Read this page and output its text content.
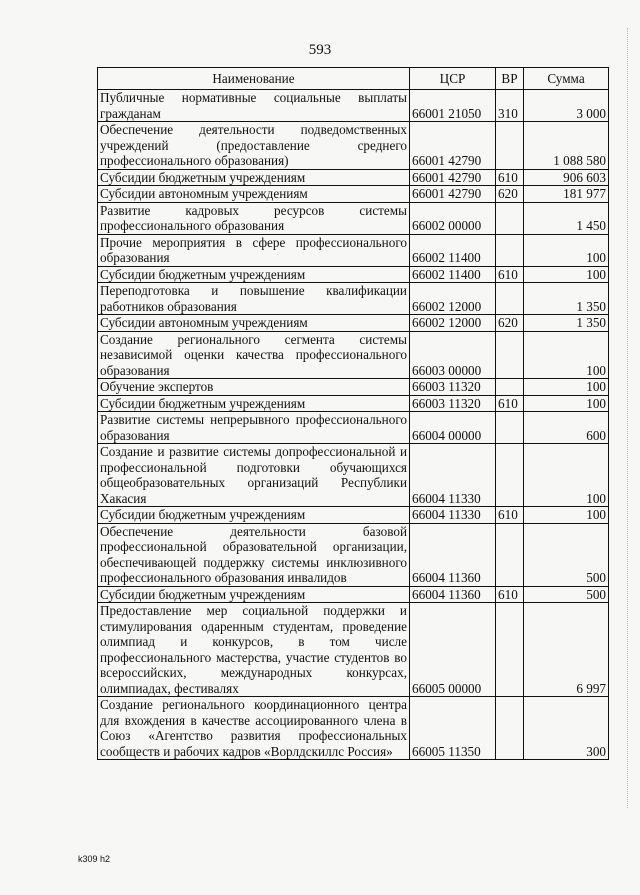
593
Наименование	ЦСР	ВР	Сумма
Публичные нормативные социальные выплаты гражданам	66001 21050	310	3 000
Обеспечение деятельности подведомственных учреждений (предоставление среднего профессионального образования)	66001 42790		1 088 580
Субсидии бюджетным учреждениям	66001 42790	610	906 603
Субсидии автономным учреждениям	66001 42790	620	181 977
Развитие кадровых ресурсов системы профессионального образования	66002 00000		1 450
Прочие мероприятия в сфере профессионального образования	66002 11400		100
Субсидии бюджетным учреждениям	66002 11400	610	100
Переподготовка и повышение квалификации работников образования	66002 12000		1 350
Субсидии автономным учреждениям	66002 12000	620	1 350
Создание регионального сегмента системы независимой оценки качества профессионального образования	66003 00000		100
Обучение экспертов	66003 11320		100
Субсидии бюджетным учреждениям	66003 11320	610	100
Развитие системы непрерывного профессионального образования	66004 00000		600
Создание и развитие системы допрофессиональной и профессиональной подготовки обучающихся общеобразовательных организаций Республики Хакасия	66004 11330		100
Субсидии бюджетным учреждениям	66004 11330	610	100
Обеспечение деятельности базовой профессиональной образовательной организации, обеспечивающей поддержку системы инклюзивного профессионального образования инвалидов	66004 11360		500
Субсидии бюджетным учреждениям	66004 11360	610	500
Предоставление мер социальной поддержки и стимулирования одаренным студентам, проведение олимпиад и конкурсов, в том числе профессионального мастерства, участие студентов во всероссийских, международных конкурсах, олимпиадах, фестивалях	66005 00000		6 997
Создание регионального координационного центра для вхождения в качестве ассоциированного члена в Союз «Агентство развития профессиональных сообществ и рабочих кадров «Ворлдскиллс Россия»	66005 11350		300
k309 h2
